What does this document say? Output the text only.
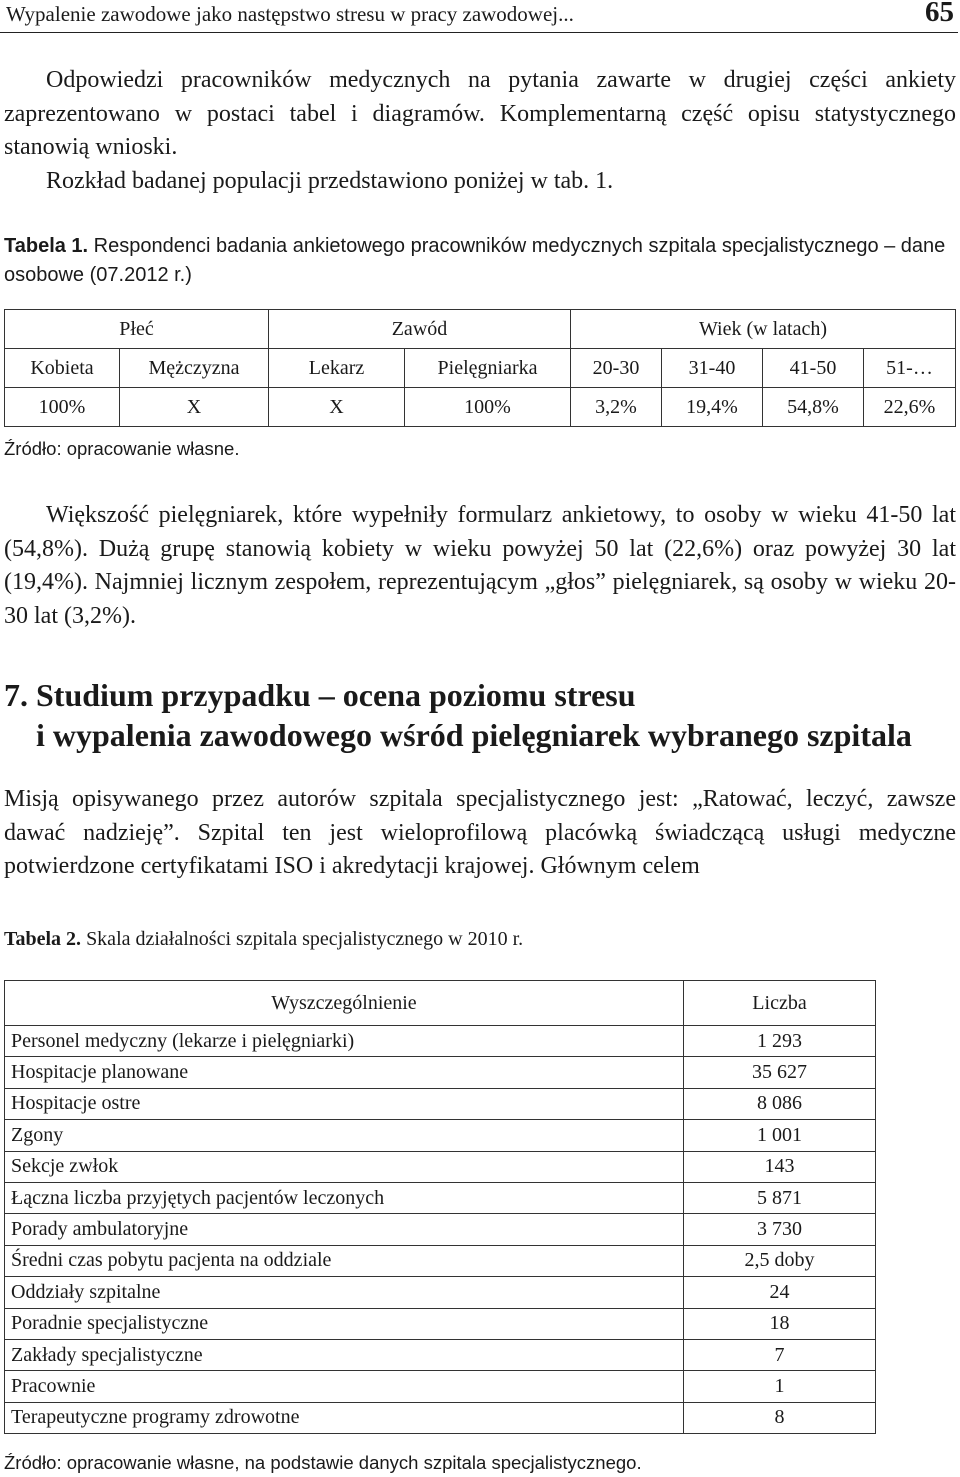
Wypalenie zawodowe jako następstwo stresu w pracy zawodowej...	65

Odpowiedzi pracowników medycznych na pytania zawarte w drugiej części ankiety zaprezentowano w postaci tabel i diagramów. Komplementarną część opisu statystycznego stanowią wnioski.

Rozkład badanej populacji przedstawiono poniżej w tab. 1.

Tabela 1. Respondenci badania ankietowego pracowników medycznych szpitala specjalistycznego – dane osobowe (07.2012 r.)
Płeć		Zawód		Wiek (w latach)			
Kobieta	Mężczyzna	Lekarz	Pielęgniarka	20-30	31-40	41-50	51-…
100%	X	X	100%	3,2%	19,4%	54,8%	22,6%
Źródło: opracowanie własne.

Większość pielęgniarek, które wypełniły formularz ankietowy, to osoby w wieku 41-50 lat (54,8%). Dużą grupę stanowią kobiety w wieku powyżej 50 lat (22,6%) oraz powyżej 30 lat (19,4%). Najmniej licznym zespołem, reprezentującym „głos” pielęgniarek, są osoby w wieku 20-30 lat (3,2%).

7. Studium przypadku – ocena poziomu stresu
i wypalenia zawodowego wśród pielęgniarek wybranego szpitala

Misją opisywanego przez autorów szpitala specjalistycznego jest: „Ratować, leczyć, zawsze dawać nadzieję”. Szpital ten jest wieloprofilową placówką świadczącą usługi medyczne potwierdzone certyfikatami ISO i akredytacji krajowej. Głównym celem

Tabela 2. Skala działalności szpitala specjalistycznego w 2010 r.
Wyszczególnienie	Liczba
Personel medyczny (lekarze i pielęgniarki)	1 293
Hospitacje planowane	35 627
Hospitacje ostre	8 086
Zgony	1 001
Sekcje zwłok	143
Łączna liczba przyjętych pacjentów leczonych	5 871
Porady ambulatoryjne	3 730
Średni czas pobytu pacjenta na oddziale	2,5 doby
Oddziały szpitalne	24
Poradnie specjalistyczne	18
Zakłady specjalistyczne	7
Pracownie	1
Terapeutyczne programy zdrowotne	8
Źródło: opracowanie własne, na podstawie danych szpitala specjalistycznego.
